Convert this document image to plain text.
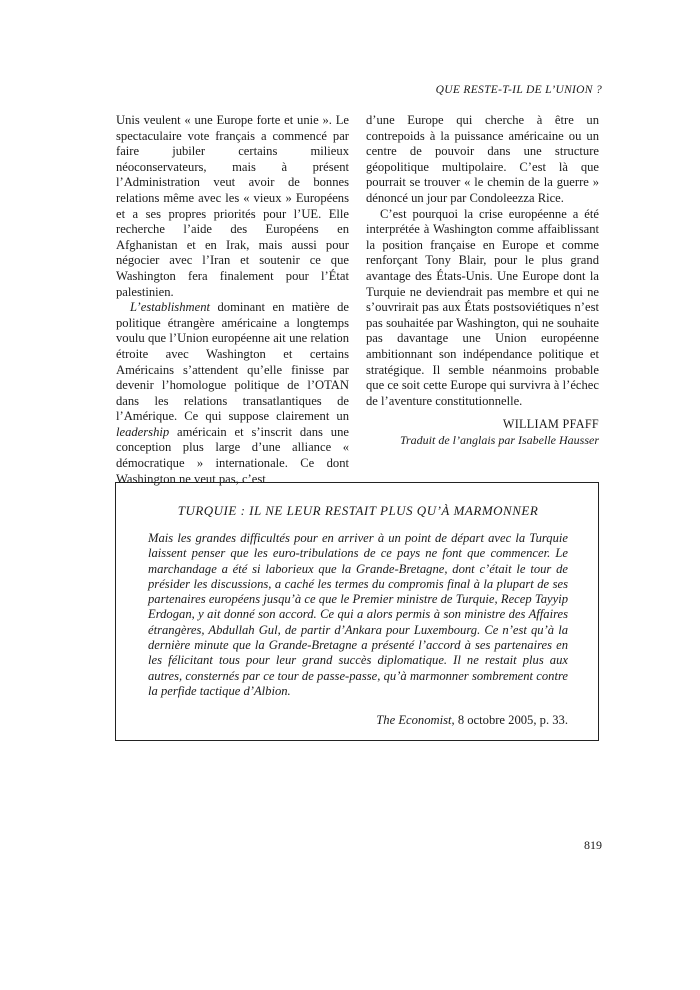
QUE RESTE-T-IL DE L’UNION ?

Unis veulent « une Europe forte et unie ». Le spectaculaire vote français a commencé par faire jubiler certains milieux néoconservateurs, mais à présent l’Administration veut avoir de bonnes relations même avec les « vieux » Européens et a ses propres priorités pour l’UE. Elle recherche l’aide des Européens en Afghanistan et en Irak, mais aussi pour négocier avec l’Iran et soutenir ce que Washington fera finalement pour l’État palestinien.

L’establishment dominant en matière de politique étrangère américaine a longtemps voulu que l’Union européenne ait une relation étroite avec Washington et certains Américains s’attendent qu’elle finisse par devenir l’homologue politique de l’OTAN dans les relations transatlantiques de l’Amérique. Ce qui suppose clairement un leadership américain et s’inscrit dans une conception plus large d’une alliance « démocratique » internationale. Ce dont Washington ne veut pas, c’est

d’une Europe qui cherche à être un contrepoids à la puissance américaine ou un centre de pouvoir dans une structure géopolitique multipolaire. C’est là que pourrait se trouver « le chemin de la guerre » dénoncé un jour par Condoleezza Rice.

C’est pourquoi la crise européenne a été interprétée à Washington comme affaiblissant la position française en Europe et comme renforçant Tony Blair, pour le plus grand avantage des États-Unis. Une Europe dont la Turquie ne deviendrait pas membre et qui ne s’ouvrirait pas aux États postsoviétiques n’est pas souhaitée par Washington, qui ne souhaite pas davantage une Union européenne ambitionnant son indépendance politique et stratégique. Il semble néanmoins probable que ce soit cette Europe qui survivra à l’échec de l’aventure constitutionnelle.

WILLIAM PFAFF
Traduit de l’anglais par Isabelle Hausser
TURQUIE : IL NE LEUR RESTAIT PLUS QU’À MARMONNER

Mais les grandes difficultés pour en arriver à un point de départ avec la Turquie laissent penser que les euro-tribulations de ce pays ne font que commencer. Le marchandage a été si laborieux que la Grande-Bretagne, dont c’était le tour de présider les discussions, a caché les termes du compromis final à la plupart de ses partenaires européens jusqu’à ce que le Premier ministre de Turquie, Recep Tayyip Erdogan, y ait donné son accord. Ce qui a alors permis à son ministre des Affaires étrangères, Abdullah Gul, de partir d’Ankara pour Luxembourg. Ce n’est qu’à la dernière minute que la Grande-Bretagne a présenté l’accord à ses partenaires en les félicitant tous pour leur grand succès diplomatique. Il ne restait plus aux autres, consternés par ce tour de passe-passe, qu’à marmonner sombrement contre la perfide tactique d’Albion.

The Economist, 8 octobre 2005, p. 33.
819
